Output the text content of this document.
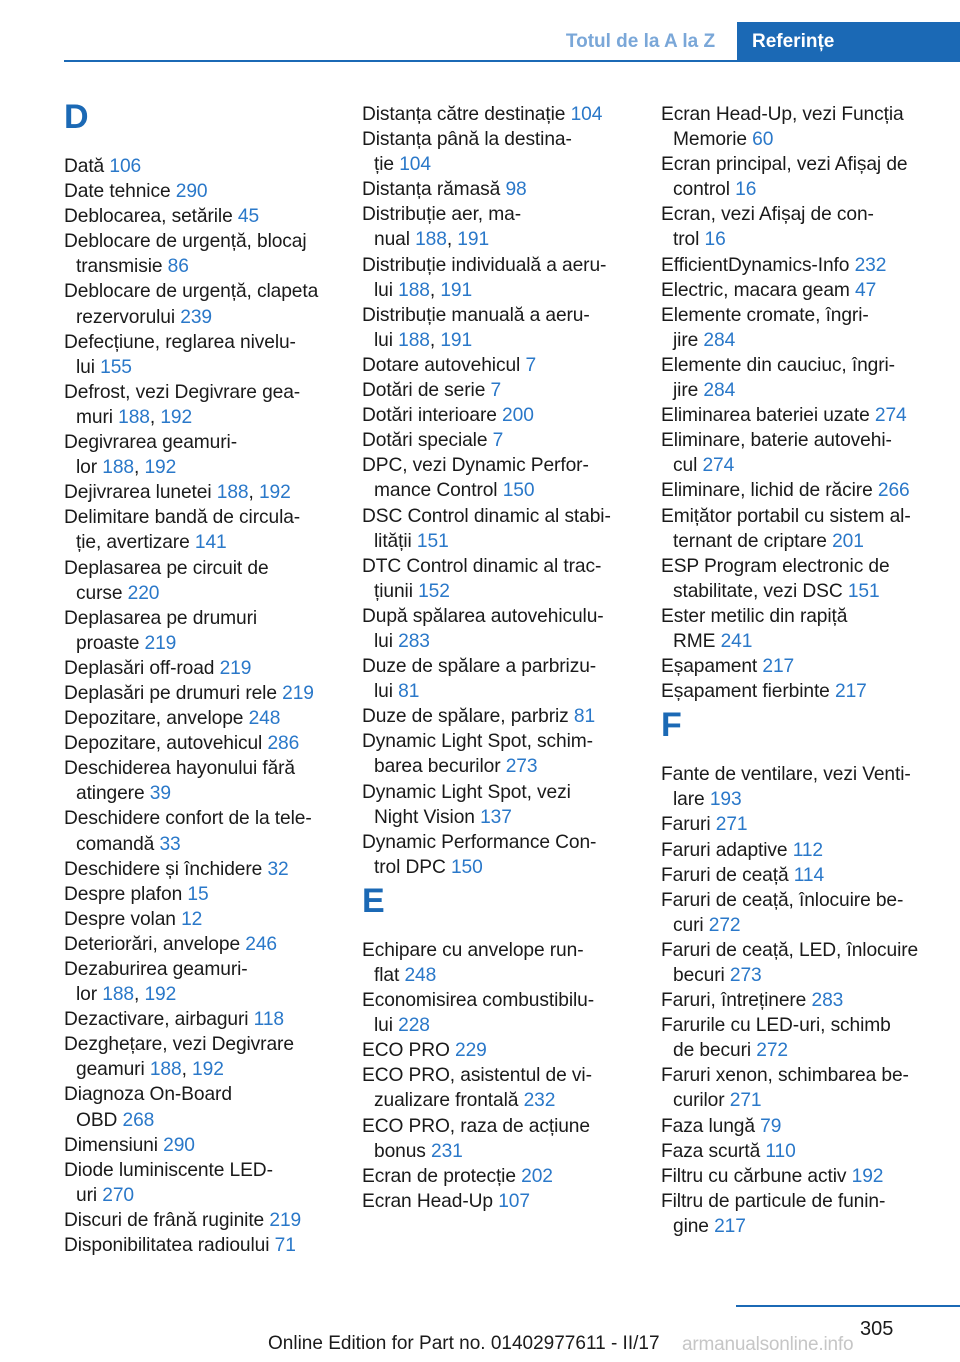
Totul de la A la Z	Referințe
D
Dată 106
Date tehnice 290
Deblocarea, setările 45
Deblocare de urgență, blocaj
transmisie 86
Deblocare de urgență, clapeta
rezervorului 239
Defecțiune, reglarea nivelu-
lui 155
Defrost, vezi Degivrare gea-
muri 188, 192
Degivrarea geamuri-
lor 188, 192
Dejivrarea lunetei 188, 192
Delimitare bandă de circula-
ție, avertizare 141
Deplasarea pe circuit de
curse 220
Deplasarea pe drumuri
proaste 219
Deplasări off-road 219
Deplasări pe drumuri rele 219
Depozitare, anvelope 248
Depozitare, autovehicul 286
Deschiderea hayonului fără
atingere 39
Deschidere confort de la tele-
comandă 33
Deschidere și închidere 32
Despre plafon 15
Despre volan 12
Deteriorări, anvelope 246
Dezaburirea geamuri-
lor 188, 192
Dezactivare, airbaguri 118
Dezghețare, vezi Degivrare
geamuri 188, 192
Diagnoza On-Board
OBD 268
Dimensiuni 290
Diode luminiscente LED-
uri 270
Discuri de frână ruginite 219
Disponibilitatea radioului 71
Distanța către destinație 104
Distanța până la destina-
ție 104
Distanța rămasă 98
Distribuție aer, ma-
nual 188, 191
Distribuție individuală a aeru-
lui 188, 191
Distribuție manuală a aeru-
lui 188, 191
Dotare autovehicul 7
Dotări de serie 7
Dotări interioare 200
Dotări speciale 7
DPC, vezi Dynamic Perfor-
mance Control 150
DSC Control dinamic al stabi-
lității 151
DTC Control dinamic al trac-
țiunii 152
După spălarea autovehiculu-
lui 283
Duze de spălare a parbrizu-
lui 81
Duze de spălare, parbriz 81
Dynamic Light Spot, schim-
barea becurilor 273
Dynamic Light Spot, vezi
Night Vision 137
Dynamic Performance Con-
trol DPC 150
E
Echipare cu anvelope run-
flat 248
Economisirea combustibilu-
lui 228
ECO PRO 229
ECO PRO, asistentul de vi-
zualizare frontală 232
ECO PRO, raza de acțiune
bonus 231
Ecran de protecție 202
Ecran Head-Up 107
Ecran Head-Up, vezi Funcția
Memorie 60
Ecran principal, vezi Afișaj de
control 16
Ecran, vezi Afișaj de con-
trol 16
EfficientDynamics-Info 232
Electric, macara geam 47
Elemente cromate, îngri-
jire 284
Elemente din cauciuc, îngri-
jire 284
Eliminarea bateriei uzate 274
Eliminare, baterie autovehi-
cul 274
Eliminare, lichid de răcire 266
Emițător portabil cu sistem al-
ternant de criptare 201
ESP Program electronic de
stabilitate, vezi DSC 151
Ester metilic din rapiță
RME 241
Eșapament 217
Eșapament fierbinte 217
F
Fante de ventilare, vezi Venti-
lare 193
Faruri 271
Faruri adaptive 112
Faruri de ceață 114
Faruri de ceață, înlocuire be-
curi 272
Faruri de ceață, LED, înlocuire
becuri 273
Faruri, întreținere 283
Farurile cu LED-uri, schimb
de becuri 272
Faruri xenon, schimbarea be-
curilor 271
Faza lungă 79
Faza scurtă 110
Filtru cu cărbune activ 192
Filtru de particule de funin-
gine 217
305
Online Edition for Part no. 01402977611 - II/17 armanualsonline.info
